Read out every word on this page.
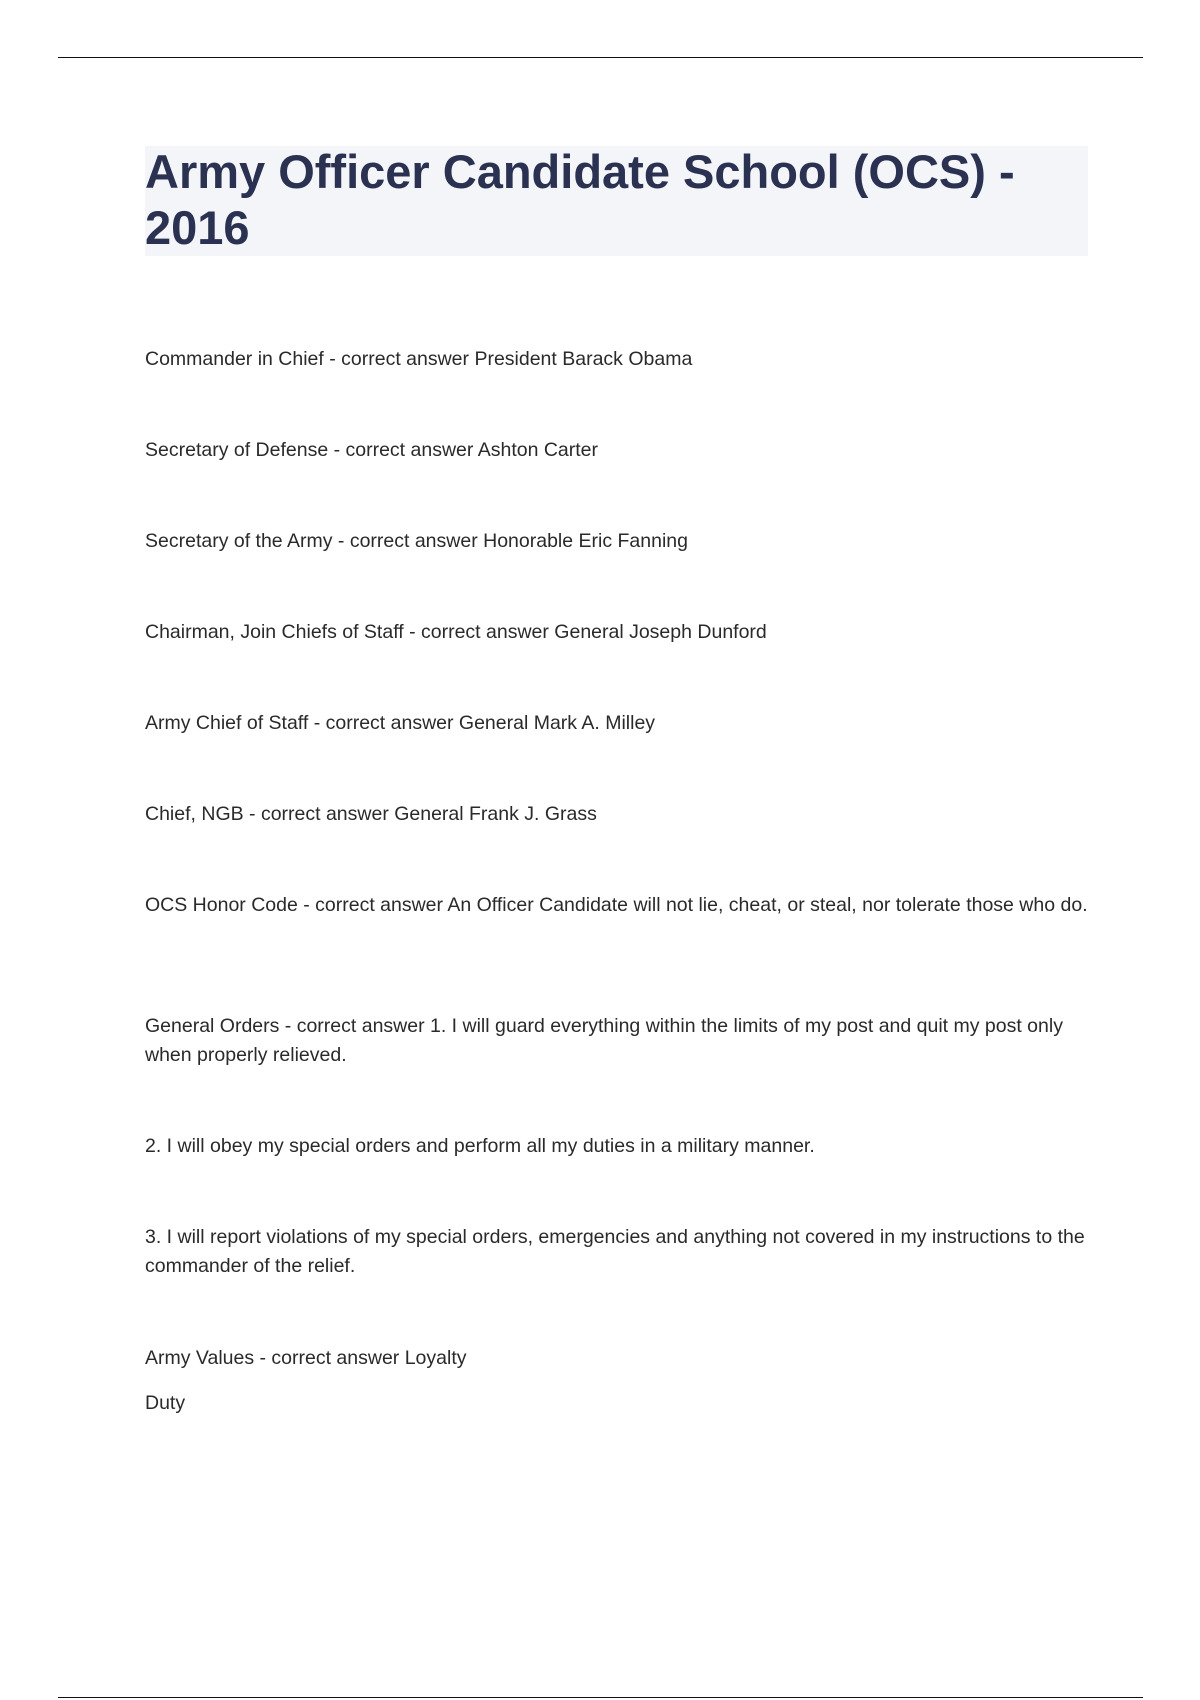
Army Officer Candidate School (OCS) - 2016

Commander in Chief - correct answer President Barack Obama

Secretary of Defense - correct answer Ashton Carter

Secretary of the Army - correct answer Honorable Eric Fanning

Chairman, Join Chiefs of Staff - correct answer General Joseph Dunford

Army Chief of Staff - correct answer General Mark A. Milley

Chief, NGB - correct answer General Frank J. Grass

OCS Honor Code - correct answer An Officer Candidate will not lie, cheat, or steal, nor tolerate those who do.

General Orders - correct answer 1. I will guard everything within the limits of my post and quit my post only when properly relieved.

2. I will obey my special orders and perform all my duties in a military manner.

3. I will report violations of my special orders, emergencies and anything not covered in my instructions to the commander of the relief.

Army Values - correct answer Loyalty

Duty
